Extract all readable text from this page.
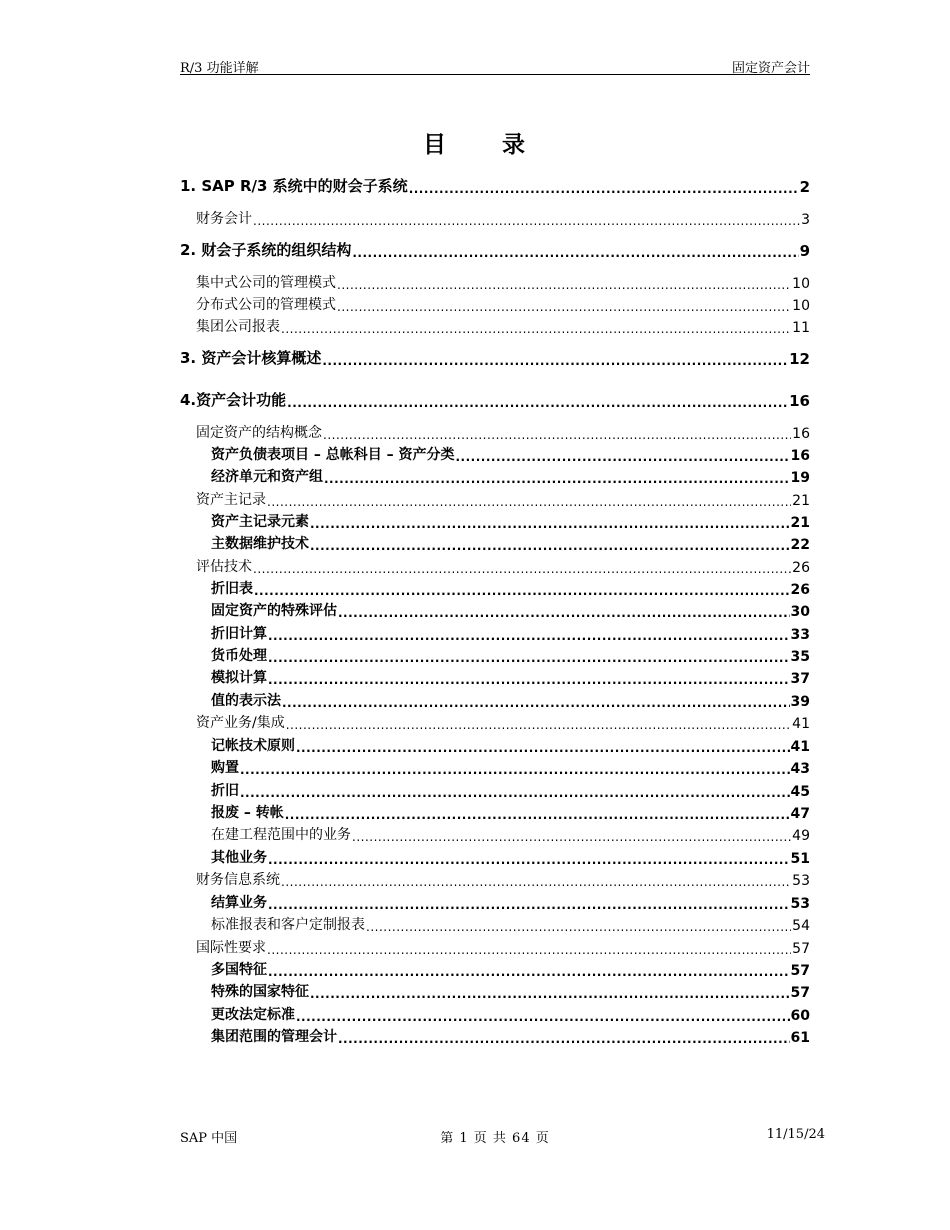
R/3 功能详解	固定资产会计
目 录
1. SAP R/3 系统中的财会子系统 .....	2
财务会计 .....	3
2. 财会子系统的组织结构 .....	9
集中式公司的管理模式 .....	10
分布式公司的管理模式 .....	10
集团公司报表 .....	11
3. 资产会计核算概述 .....	12
4.资产会计功能 .....	16
固定资产的结构概念 .....	16
资产负债表项目 – 总帐科目 – 资产分类 .....	16
经济单元和资产组 .....	19
资产主记录 .....	21
资产主记录元素 .....	21
主数据维护技术 .....	22
评估技术 .....	26
折旧表 .....	26
固定资产的特殊评估 .....	30
折旧计算 .....	33
货币处理 .....	35
模拟计算 .....	37
值的表示法 .....	39
资产业务/集成 .....	41
记帐技术原则 .....	41
购置 .....	43
折旧 .....	45
报废 – 转帐 .....	47
在建工程范围中的业务 .....	49
其他业务 .....	51
财务信息系统 .....	53
结算业务 .....	53
标准报表和客户定制报表 .....	54
国际性要求 .....	57
多国特征 .....	57
特殊的国家特征 .....	57
更改法定标准 .....	60
集团范围的管理会计 .....	61
SAP 中国	第 1 页 共 64 页	11/15/24
